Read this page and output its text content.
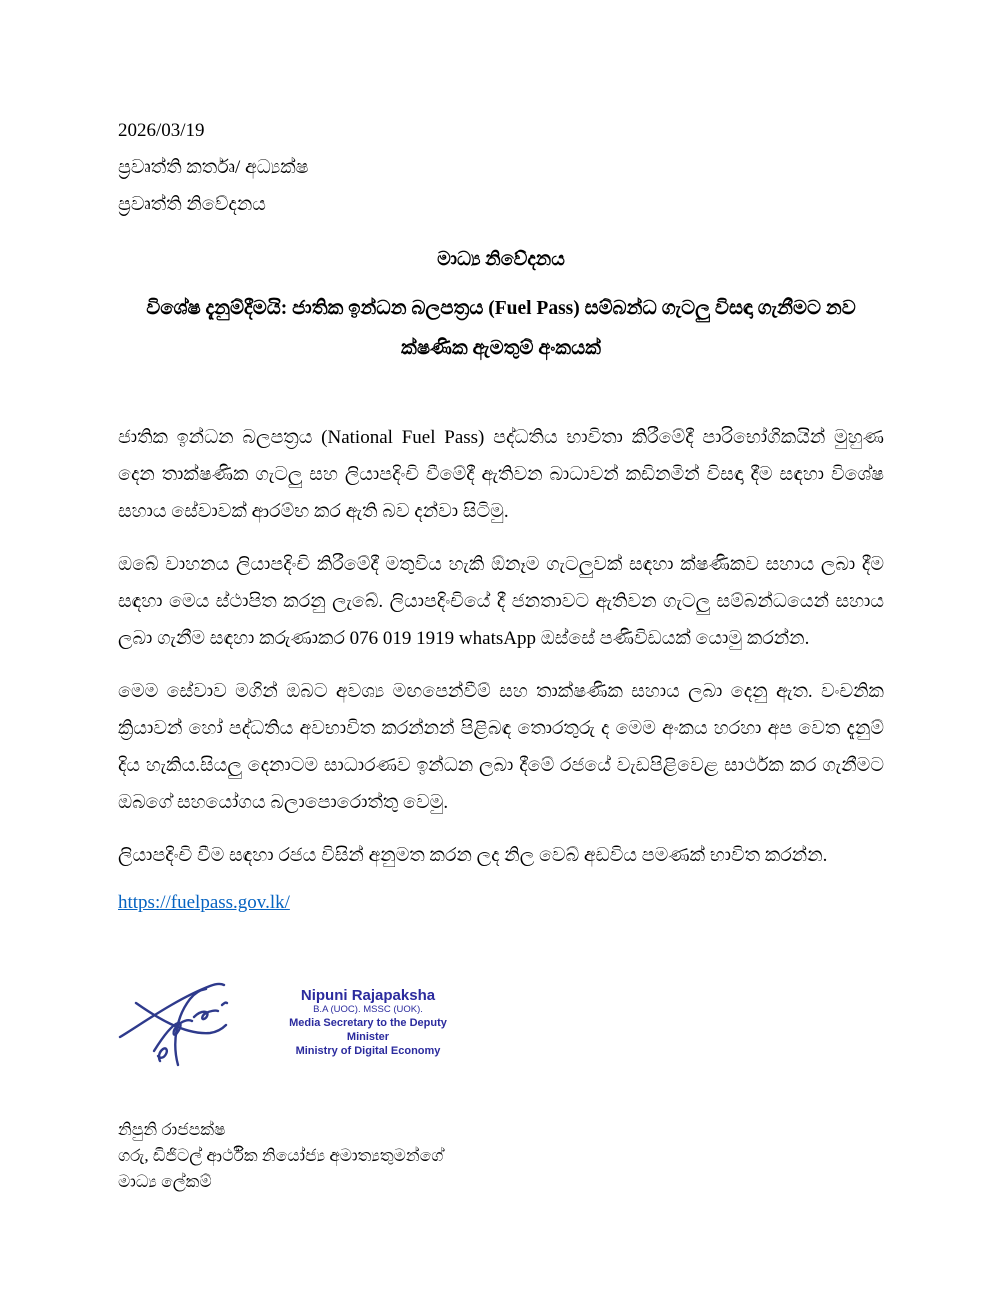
2026/03/19
ප්‍රවෘත්ති කර්තෘ/ අධ්‍යක්ෂ
ප්‍රවෘත්ති නිවේදනය
මාධ්‍ය නිවේදනය
විශේෂ දැනුම්දීමයි: ජාතික ඉන්ධන බලපත්‍රය (Fuel Pass) සම්බන්ධ ගැටලු විසඳා ගැනීමට නව ක්ෂණික ඇමතුම් අංකයක්

ජාතික ඉන්ධන බලපත්‍රය (National Fuel Pass) පද්ධතිය භාවිතා කිරීමේදී පාරිභෝගිකයින් මුහුණ දෙන තාක්ෂණික ගැටලු සහ ලියාපදිංචි වීමේදී ඇතිවන බාධාවන් කඩිනමින් විසඳා දීම සඳහා විශේෂ සහාය සේවාවක් ආරම්භ කර ඇති බව දන්වා සිටිමු.

ඔබේ වාහනය ලියාපදිංචි කිරීමේදී මතුවිය හැකි ඕනෑම ගැටලුවක් සඳහා ක්ෂණිකව සහාය ලබා දීම සඳහා මෙය ස්ථාපිත කරනු ලැබේ. ලියාපදිංචියේ දී ජනතාවට ඇතිවන ගැටලු සම්බන්ධයෙන් සහාය ලබා ගැනීම සඳහා කරුණාකර 076 019 1919 whatsApp ඔස්සේ පණිවිඩයක් යොමු කරන්න.

මෙම සේවාව මගින් ඔබට අවශ්‍ය මඟපෙන්වීම් සහ තාක්ෂණික සහාය ලබා දෙනු ඇත. වංචනික ක්‍රියාවන් හෝ පද්ධතිය අවභාවිත කරන්නන් පිළිබඳ තොරතුරු ද මෙම අංකය හරහා අප වෙත දැනුම් දිය හැකිය.සියලු දෙනාටම සාධාරණව ඉන්ධන ලබා දීමේ රජයේ වැඩපිළිවෙළ සාර්ථක කර ගැනීමට ඔබගේ සහයෝගය බලාපොරොත්තු වෙමු.

ලියාපදිංචි වීම සඳහා රජය විසින් අනුමත කරන ලද නිල වෙබ් අඩවිය පමණක් භාවිත කරන්න.

https://fuelpass.gov.lk/
Nipuni Rajapaksha
B.A (UOC). MSSC (UOK).
Media Secretary to the Deputy Minister
Ministry of Digital Economy
නිපුනි රාජපක්ෂ
ගරු, ඩිජිටල් ආර්ථික නියෝජ්‍ය අමාත්‍යතුමන්ගේ
මාධ්‍ය ලේකම්
